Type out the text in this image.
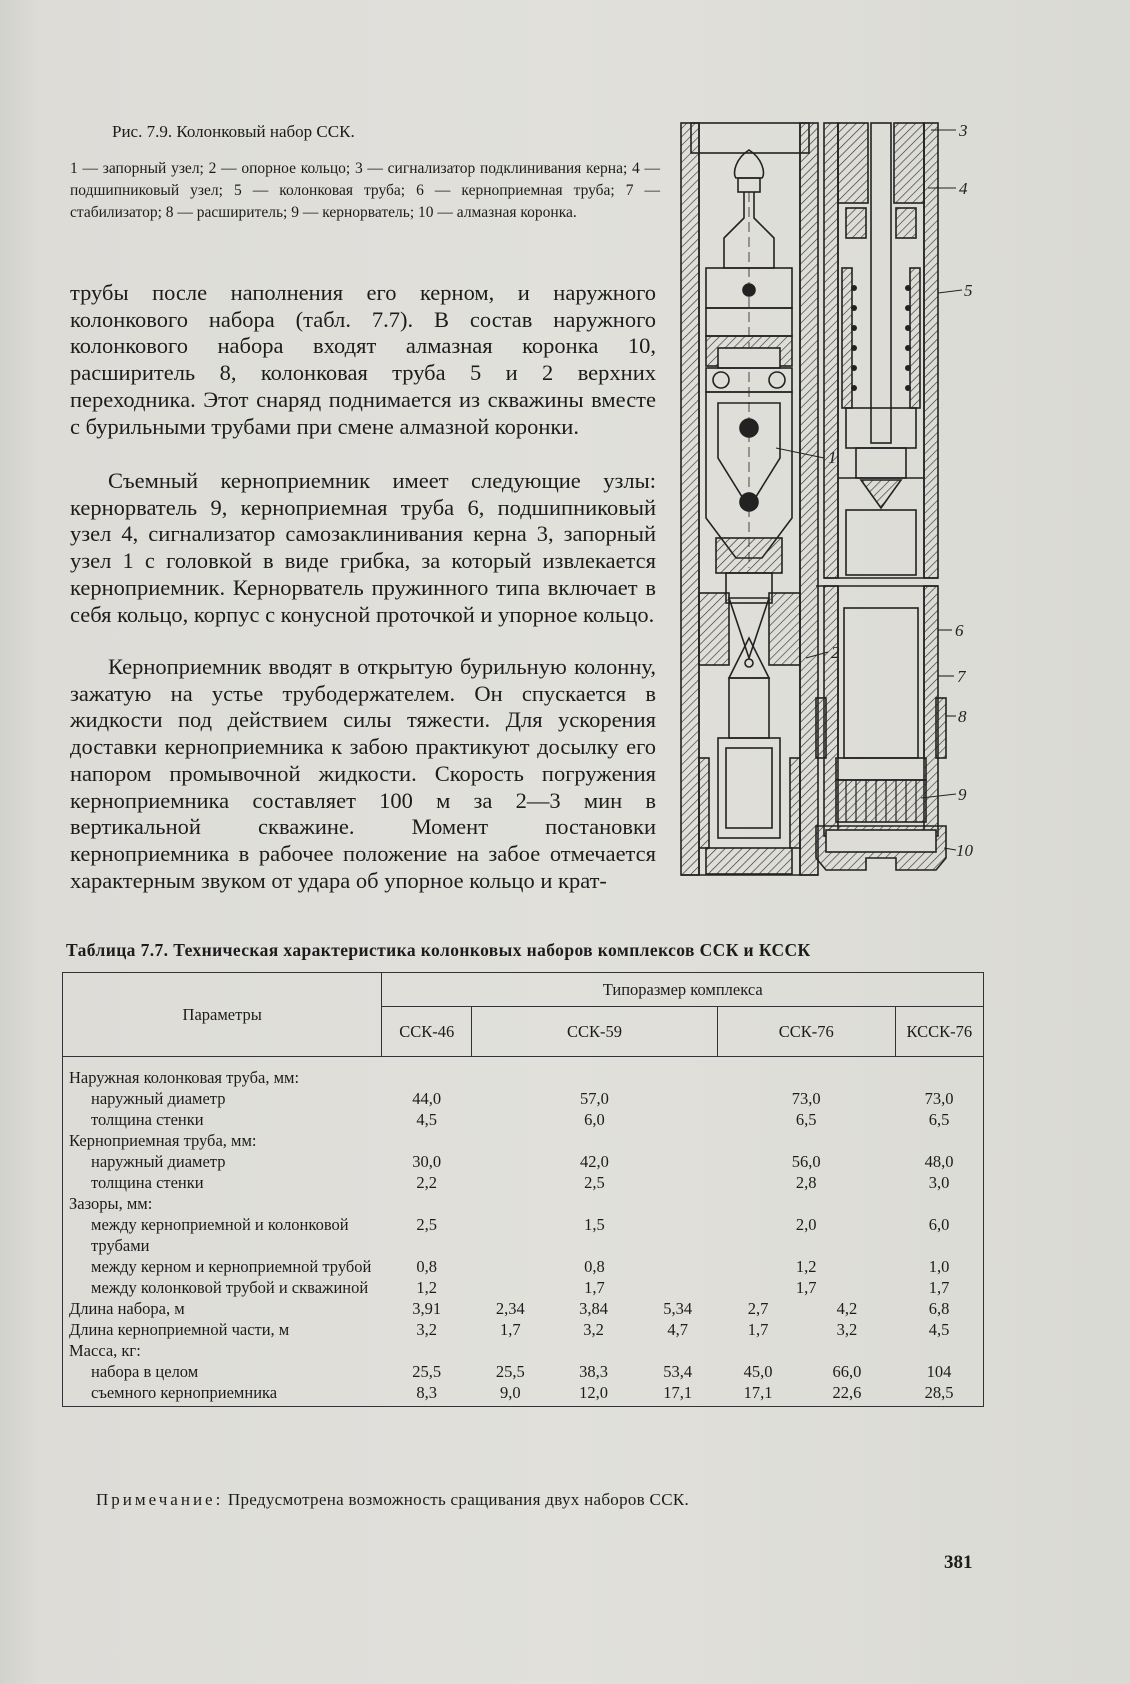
Рис. 7.9. Колонковый набор ССК.
1 — запорный узел; 2 — опорное кольцо; 3 — сигнализатор подклинивания керна; 4 — подшипниковый узел; 5 — колонковая труба; 6 — керноприемная труба; 7 — стабилизатор; 8 — расширитель; 9 — кернорватель; 10 — алмазная коронка.

трубы после наполнения его керном, и наружного колонкового набора (табл. 7.7). В состав наружного колонкового набора входят алмазная коронка 10, расширитель 8, колонковая труба 5 и 2 верхних переходника. Этот снаряд поднимается из скважины вместе с бурильными трубами при смене алмазной коронки.

Съемный керноприемник имеет следующие узлы: кернорватель 9, керноприемная труба 6, подшипниковый узел 4, сигнализатор самозаклинивания керна 3, запорный узел 1 с головкой в виде грибка, за который извлекается керноприемник. Кернорватель пружинного типа включает в себя кольцо, корпус с конусной проточкой и упорное кольцо.

Керноприемник вводят в открытую бурильную колонну, зажатую на устье трубодержателем. Он спускается в жидкости под действием силы тяжести. Для ускорения доставки керноприемника к забою практикуют досылку его напором промывочной жидкости. Скорость погружения керноприемника составляет 100 м за 2—3 мин в вертикальной скважине. Момент постановки керноприемника в рабочее положение на забое отмечается характерным звуком от удара об упорное кольцо и крат-

1
2
3
4
5
6
7
8
9
10
Таблица 7.7. Техническая характеристика колонковых наборов комплексов ССК и КССК
Параметры	Типоразмер комплекса						
	ССК-46	ССК-59			ССК-76		КССК-76
Наружная колонковая труба, мм:							
наружный диаметр	44,0	57,0			73,0		73,0
толщина стенки	4,5	6,0			6,5		6,5
Керноприемная труба, мм:							
наружный диаметр	30,0	42,0			56,0		48,0
толщина стенки	2,2	2,5			2,8		3,0
Зазоры, мм:							
между керноприемной и колонковой трубами	2,5	1,5			2,0		6,0
между керном и керноприемной трубой	0,8	0,8			1,2		1,0
между колонковой трубой и скважиной	1,2	1,7			1,7		1,7
Длина набора, м	3,91	2,34	3,84	5,34	2,7	4,2	6,8
Длина керноприемной части, м	3,2	1,7	3,2	4,7	1,7	3,2	4,5
Масса, кг:							
набора в целом	25,5	25,5	38,3	53,4	45,0	66,0	104
съемного керноприемника	8,3	9,0	12,0	17,1	17,1	22,6	28,5
Примечание: Предусмотрена возможность сращивания двух наборов ССК.
381
